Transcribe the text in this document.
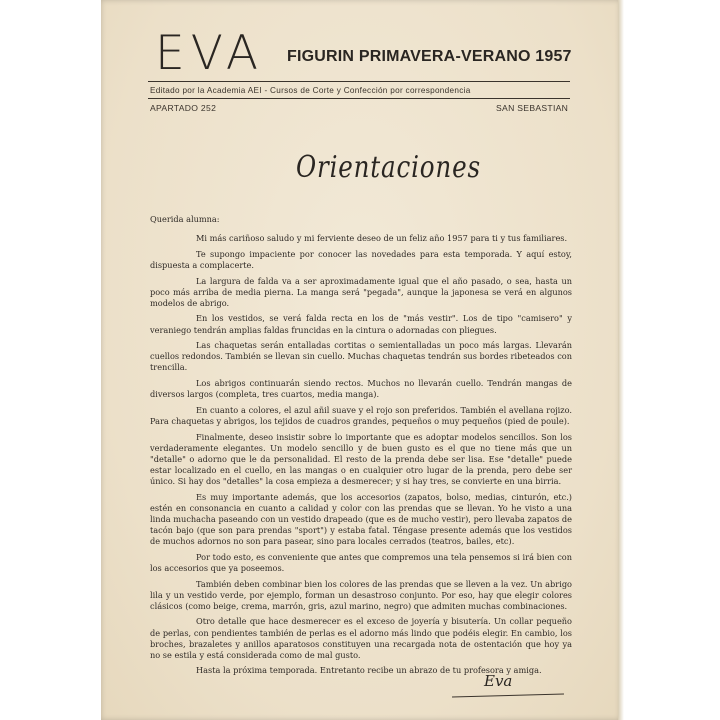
EVA FIGURIN PRIMAVERA-VERANO 1957
Editado por la Academia AEI - Cursos de Corte y Confección por correspondencia
APARTADO 252	SAN SEBASTIAN
Orientaciones

Querida alumna:

Mi más cariñoso saludo y mi ferviente deseo de un feliz año 1957 para ti y tus familiares.

Te supongo impaciente por conocer las novedades para esta temporada. Y aquí estoy, dispuesta a complacerte.

La largura de falda va a ser aproximadamente igual que el año pasado, o sea, hasta un poco más arriba de media pierna. La manga será "pegada", aunque la japonesa se verá en algunos modelos de abrigo.

En los vestidos, se verá falda recta en los de "más vestir". Los de tipo "camisero" y veraniego tendrán amplias faldas fruncidas en la cintura o adornadas con pliegues.

Las chaquetas serán entalladas cortitas o semientalladas un poco más largas. Llevarán cuellos redondos. También se llevan sin cuello. Muchas chaquetas tendrán sus bordes ribeteados con trencilla.

Los abrigos continuarán siendo rectos. Muchos no llevarán cuello. Tendrán mangas de diversos largos (completa, tres cuartos, media manga).

En cuanto a colores, el azul añil suave y el rojo son preferidos. También el avellana rojizo. Para chaquetas y abrigos, los tejidos de cuadros grandes, pequeños o muy pequeños (pied de poule).

Finalmente, deseo insistir sobre lo importante que es adoptar modelos sencillos. Son los verdaderamente elegantes. Un modelo sencillo y de buen gusto es el que no tiene más que un "detalle" o adorno que le da personalidad. El resto de la prenda debe ser lisa. Ese "detalle" puede estar localizado en el cuello, en las mangas o en cualquier otro lugar de la prenda, pero debe ser único. Si hay dos "detalles" la cosa empieza a desmerecer; y si hay tres, se convierte en una birria.

Es muy importante además, que los accesorios (zapatos, bolso, medias, cinturón, etc.) estén en consonancia en cuanto a calidad y color con las prendas que se llevan. Yo he visto a una linda muchacha paseando con un vestido drapeado (que es de mucho vestir), pero llevaba zapatos de tacón bajo (que son para prendas "sport") y estaba fatal. Téngase presente además que los vestidos de muchos adornos no son para pasear, sino para locales cerrados (teatros, bailes, etc).

Por todo esto, es conveniente que antes que compremos una tela pensemos si irá bien con los accesorios que ya poseemos.

También deben combinar bien los colores de las prendas que se lleven a la vez. Un abrigo lila y un vestido verde, por ejemplo, forman un desastroso conjunto. Por eso, hay que elegir colores clásicos (como beige, crema, marrón, gris, azul marino, negro) que admiten muchas combinaciones.

Otro detalle que hace desmerecer es el exceso de joyería y bisutería. Un collar pequeño de perlas, con pendientes también de perlas es el adorno más lindo que podéis elegir. En cambio, los broches, brazaletes y anillos aparatosos constituyen una recargada nota de ostentación que hoy ya no se estila y está considerada como de mal gusto.

Hasta la próxima temporada. Entretanto recibe un abrazo de tu profesora y amiga.

Eva
